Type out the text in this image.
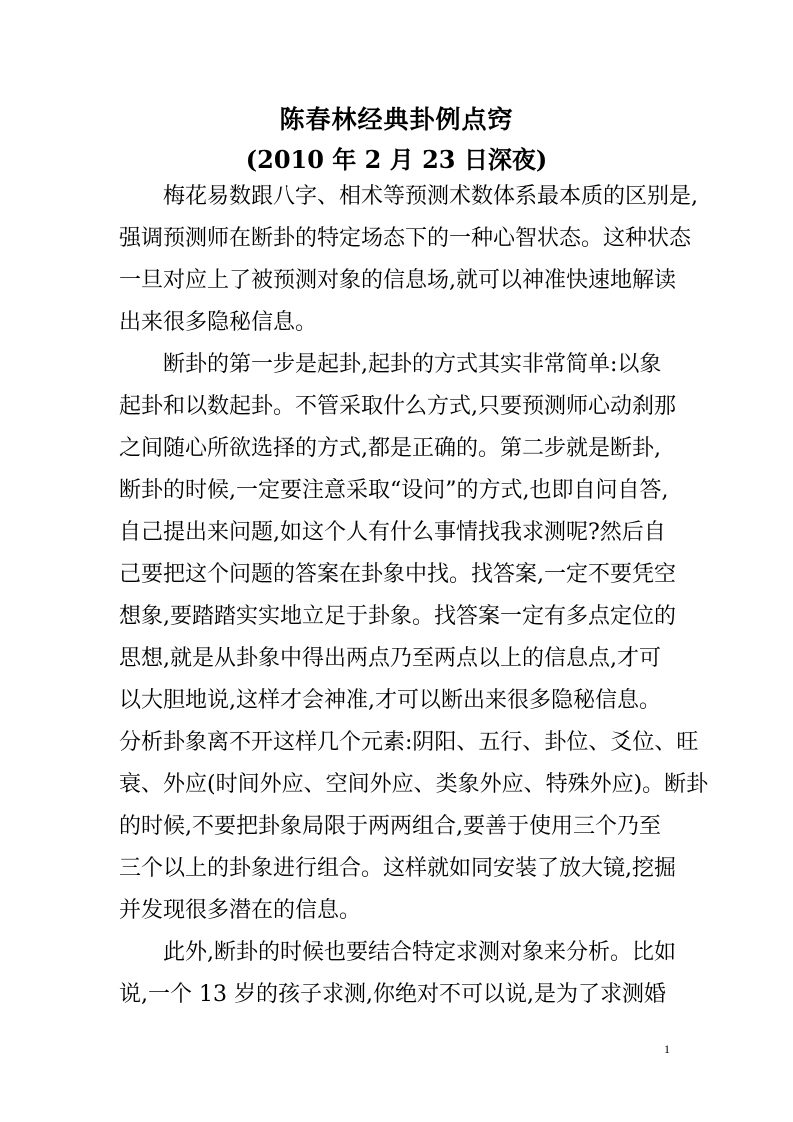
陈春林经典卦例点窍
(2010 年 2 月 23 日深夜)
梅花易数跟八字、相术等预测术数体系最本质的区别是,
强调预测师在断卦的特定场态下的一种心智状态。这种状态
一旦对应上了被预测对象的信息场,就可以神准快速地解读
出来很多隐秘信息。
断卦的第一步是起卦,起卦的方式其实非常简单:以象
起卦和以数起卦。不管采取什么方式,只要预测师心动刹那
之间随心所欲选择的方式,都是正确的。第二步就是断卦,
断卦的时候,一定要注意采取“设问”的方式,也即自问自答,
自己提出来问题,如这个人有什么事情找我求测呢?然后自
己要把这个问题的答案在卦象中找。找答案,一定不要凭空
想象,要踏踏实实地立足于卦象。找答案一定有多点定位的
思想,就是从卦象中得出两点乃至两点以上的信息点,才可
以大胆地说,这样才会神准,才可以断出来很多隐秘信息。
分析卦象离不开这样几个元素:阴阳、五行、卦位、爻位、旺
衰、外应(时间外应、空间外应、类象外应、特殊外应)。断卦
的时候,不要把卦象局限于两两组合,要善于使用三个乃至
三个以上的卦象进行组合。这样就如同安装了放大镜,挖掘
并发现很多潜在的信息。
此外,断卦的时候也要结合特定求测对象来分析。比如
说,一个 13 岁的孩子求测,你绝对不可以说,是为了求测婚
1
